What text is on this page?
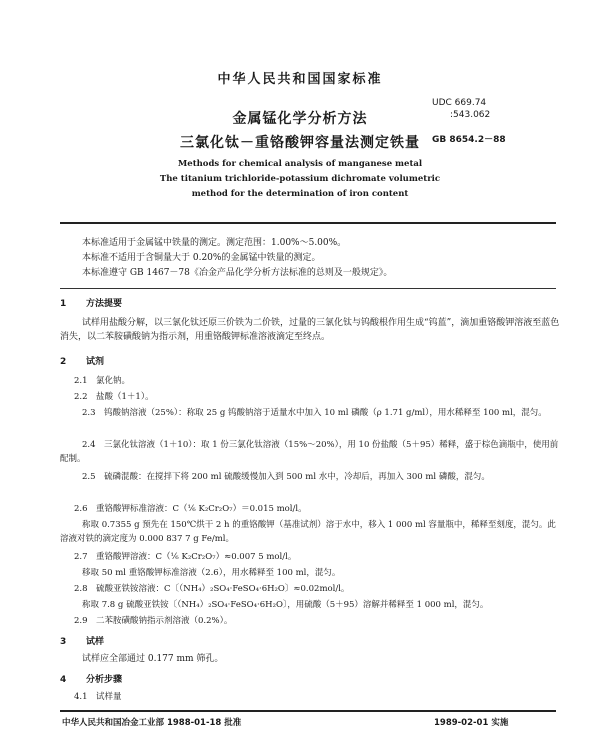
中华人民共和国国家标准
金属锰化学分析方法
三氯化钛－重铬酸钾容量法测定铁量
UDC 669.74
:543.062
GB 8654.2－88
Methods for chemical analysis of manganese metal
The titanium trichloride-potassium dichromate volumetric
method for the determination of iron content
本标准适用于金属锰中铁量的测定。测定范围：1.00%～5.00%。
本标准不适用于含铜量大于 0.20%的金属锰中铁量的测定。
本标准遵守 GB 1467－78《冶金产品化学分析方法标准的总则及一般规定》。
1 方法提要
试样用盐酸分解，以三氯化钛还原三价铁为二价铁，过量的三氯化钛与钨酸根作用生成“钨蓝”，滴加重铬酸钾溶液至蓝色消失，以二苯胺磺酸钠为指示剂，用重铬酸钾标准溶液滴定至终点。
2 试剂
2.1　氯化钠。
2.2　盐酸（1＋1）。
2.3　钨酸钠溶液（25%）：称取 25 g 钨酸钠溶于适量水中加入 10 ml 磷酸（ρ 1.71 g/ml），用水稀释至 100 ml，混匀。
2.4　三氯化钛溶液（1＋10）：取 1 份三氯化钛溶液（15%～20%），用 10 份盐酸（5＋95）稀释，盛于棕色滴瓶中，使用前配制。
2.5　硫磷混酸：在搅拌下将 200 ml 硫酸缓慢加入到 500 ml 水中，冷却后，再加入 300 ml 磷酸，混匀。
2.6　重铬酸钾标准溶液：C（⅙ K₂Cr₂O₇）＝0.015 mol/l。
称取 0.7355 g 预先在 150℃烘干 2 h 的重铬酸钾（基准试剂）溶于水中，移入 1 000 ml 容量瓶中，稀释至刻度，混匀。此溶液对铁的滴定度为 0.000 837 7 g Fe/ml。
2.7　重铬酸钾溶液：C（⅙ K₂Cr₂O₇）≈0.007 5 mol/l。
移取 50 ml 重铬酸钾标准溶液（2.6），用水稀释至 100 ml，混匀。
2.8　硫酸亚铁铵溶液：C〔（NH₄）₂SO₄·FeSO₄·6H₂O〕≈0.02mol/l。
称取 7.8 g 硫酸亚铁铵〔（NH₄）₂SO₄·FeSO₄·6H₂O〕，用硫酸（5＋95）溶解并稀释至 1 000 ml，混匀。
2.9　二苯胺磺酸钠指示剂溶液（0.2%）。
3 试样
试样应全部通过 0.177 mm 筛孔。
4 分析步骤
4.1　试样量
中华人民共和国冶金工业部 1988-01-18 批准	1989-02-01 实施
